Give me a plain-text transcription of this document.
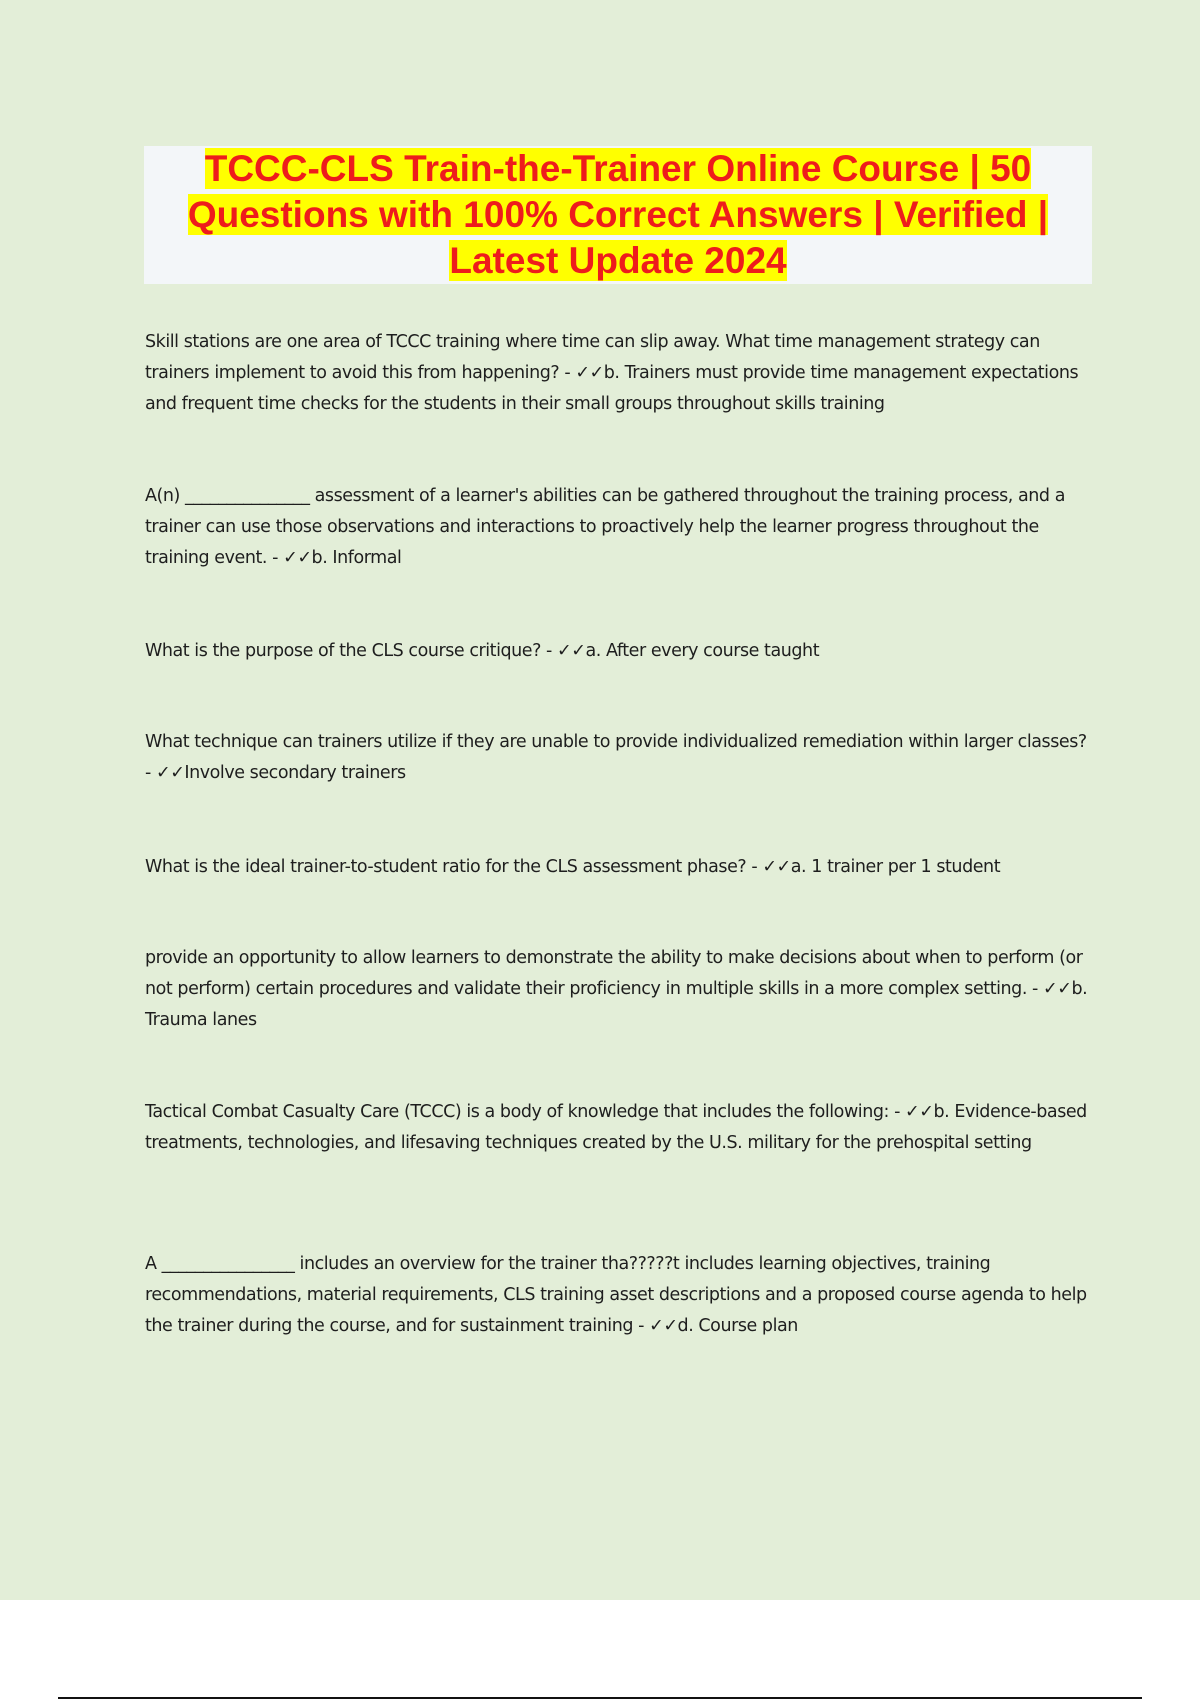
TCCC-CLS Train-the-Trainer Online Course | 50
Questions with 100% Correct Answers | Verified |
Latest Update 2024

Skill stations are one area of TCCC training where time can slip away. What time management strategy can trainers implement to avoid this from happening? - ✓✓b. Trainers must provide time management expectations and frequent time checks for the students in their small groups throughout skills training

A(n) _______________ assessment of a learner's abilities can be gathered throughout the training process, and a trainer can use those observations and interactions to proactively help the learner progress throughout the training event. - ✓✓b. Informal

What is the purpose of the CLS course critique? - ✓✓a. After every course taught

What technique can trainers utilize if they are unable to provide individualized remediation within larger classes? - ✓✓Involve secondary trainers

What is the ideal trainer-to-student ratio for the CLS assessment phase? - ✓✓a. 1 trainer per 1 student

provide an opportunity to allow learners to demonstrate the ability to make decisions about when to perform (or not perform) certain procedures and validate their proficiency in multiple skills in a more complex setting. - ✓✓b. Trauma lanes

Tactical Combat Casualty Care (TCCC) is a body of knowledge that includes the following: - ✓✓b. Evidence-based treatments, technologies, and lifesaving techniques created by the U.S. military for the prehospital setting

A ________________ includes an overview for the trainer tha?????t includes learning objectives, training recommendations, material requirements, CLS training asset descriptions and a proposed course agenda to help the trainer during the course, and for sustainment training - ✓✓d. Course plan
